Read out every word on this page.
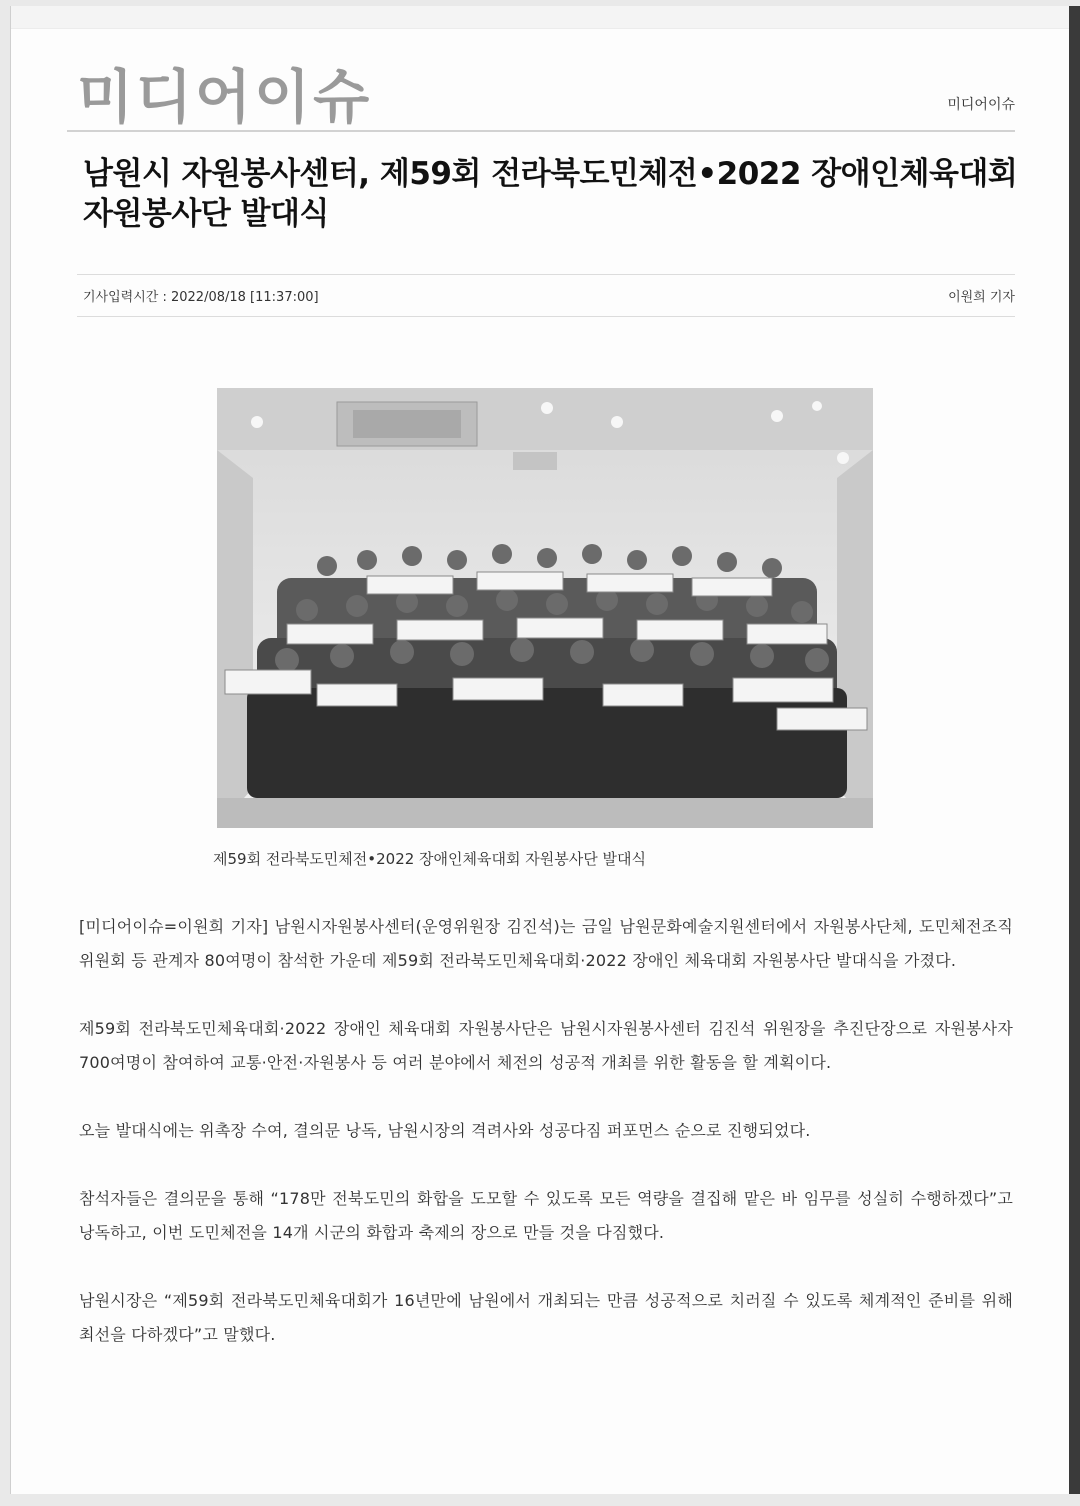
미디어이슈	미디어이슈
남원시 자원봉사센터, 제59회 전라북도민체전•2022 장애인체육대회 자원봉사단 발대식
기사입력시간 : 2022/08/18 [11:37:00]	이원희 기자
제59회 전라북도민체전•2022 장애인체육대회 자원봉사단 발대식

[미디어이슈=이원희 기자] 남원시자원봉사센터(운영위원장 김진석)는 금일 남원문화예술지원센터에서 자원봉사단체, 도민체전조직위원회 등 관계자 80여명이 참석한 가운데 제59회 전라북도민체육대회·2022 장애인 체육대회 자원봉사단 발대식을 가졌다.

제59회 전라북도민체육대회·2022 장애인 체육대회 자원봉사단은 남원시자원봉사센터 김진석 위원장을 추진단장으로 자원봉사자 700여명이 참여하여 교통·안전·자원봉사 등 여러 분야에서 체전의 성공적 개최를 위한 활동을 할 계획이다.

오늘 발대식에는 위촉장 수여, 결의문 낭독, 남원시장의 격려사와 성공다짐 퍼포먼스 순으로 진행되었다.

참석자들은 결의문을 통해 “178만 전북도민의 화합을 도모할 수 있도록 모든 역량을 결집해 맡은 바 임무를 성실히 수행하겠다”고 낭독하고, 이번 도민체전을 14개 시군의 화합과 축제의 장으로 만들 것을 다짐했다.

남원시장은 “제59회 전라북도민체육대회가 16년만에 남원에서 개최되는 만큼 성공적으로 치러질 수 있도록 체계적인 준비를 위해 최선을 다하겠다”고 말했다.
